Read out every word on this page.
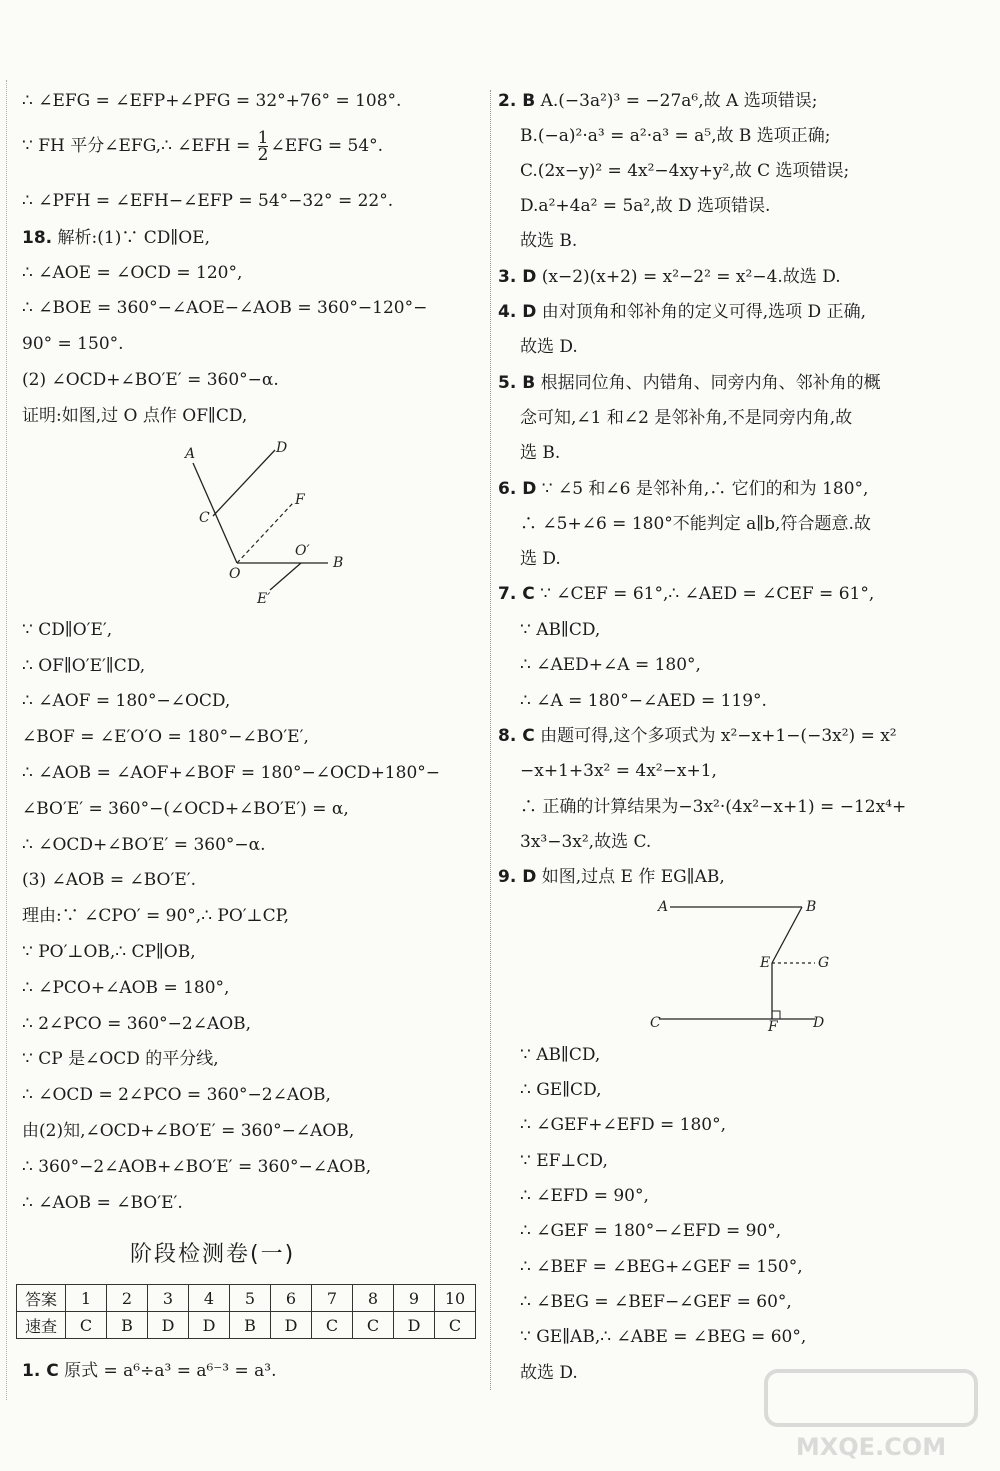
∴ ∠EFG = ∠EFP+∠PFG = 32°+76° = 108°.
∵ FH 平分∠EFG,∴ ∠EFH = $\frac{1}{2}$ ∠EFG = 54°.
∴ ∠PFH = ∠EFH−∠EFP = 54°−32° = 22°.
18. 解析:(1)∵ CD∥OE,
∴ ∠AOE = ∠OCD = 120°,
∴ ∠BOE = 360°−∠AOE−∠AOB = 360°−120°−
90° = 150°.
(2) ∠OCD+∠BO′E′ = 360°−α.
证明:如图,过 O 点作 OF∥CD,
∵ CD∥O′E′,
∴ OF∥O′E′∥CD,
∴ ∠AOF = 180°−∠OCD,
∠BOF = ∠E′O′O = 180°−∠BO′E′,
∴ ∠AOB = ∠AOF+∠BOF = 180°−∠OCD+180°−
∠BO′E′ = 360°−(∠OCD+∠BO′E′) = α,
∴ ∠OCD+∠BO′E′ = 360°−α.
(3) ∠AOB = ∠BO′E′.
理由:∵ ∠CPO′ = 90°,∴ PO′⊥CP,
∵ PO′⊥OB,∴ CP∥OB,
∴ ∠PCO+∠AOB = 180°,
∴ 2∠PCO = 360°−2∠AOB,
∵ CP 是∠OCD 的平分线,
∴ ∠OCD = 2∠PCO = 360°−2∠AOB,
由(2)知,∠OCD+∠BO′E′ = 360°−∠AOB,
∴ 360°−2∠AOB+∠BO′E′ = 360°−∠AOB,
∴ ∠AOB = ∠BO′E′.
1. C 原式 = a⁶÷a³ = a⁶⁻³ = a³.
2. B A.(−3a²)³ = −27a⁶,故 A 选项错误;
B.(−a)²·a³ = a²·a³ = a⁵,故 B 选项正确;
C.(2x−y)² = 4x²−4xy+y²,故 C 选项错误;
D.a²+4a² = 5a²,故 D 选项错误.
故选 B.
3. D (x−2)(x+2) = x²−2² = x²−4.故选 D.
4. D 由对顶角和邻补角的定义可得,选项 D 正确,
故选 D.
5. B 根据同位角、内错角、同旁内角、邻补角的概
念可知,∠1 和∠2 是邻补角,不是同旁内角,故
选 B.
6. D ∵ ∠5 和∠6 是邻补角,∴ 它们的和为 180°,
∴ ∠5+∠6 = 180°不能判定 a∥b,符合题意.故
选 D.
7. C ∵ ∠CEF = 61°,∴ ∠AED = ∠CEF = 61°,
∵ AB∥CD,
∴ ∠AED+∠A = 180°,
∴ ∠A = 180°−∠AED = 119°.
8. C 由题可得,这个多项式为 x²−x+1−(−3x²) = x²
−x+1+3x² = 4x²−x+1,
∴ 正确的计算结果为−3x²·(4x²−x+1) = −12x⁴+
3x³−3x²,故选 C.
9. D 如图,过点 E 作 EG∥AB,
∵ AB∥CD,
∴ GE∥CD,
∴ ∠GEF+∠EFD = 180°,
∵ EF⊥CD,
∴ ∠EFD = 90°,
∴ ∠GEF = 180°−∠EFD = 90°,
∴ ∠BEF = ∠BEG+∠GEF = 150°,
∴ ∠BEG = ∠BEF−∠GEF = 60°,
∵ GE∥AB,∴ ∠ABE = ∠BEG = 60°,
故选 D.
A	D
C
F
O
O′
B
E′
A	B
E	G
C	F	D
阶段检测卷(一)
答案	1	2	3	4	5	6	7	8	9	10
速查	C	B	D	D	B	D	C	C	D	C
MXQE.COM
